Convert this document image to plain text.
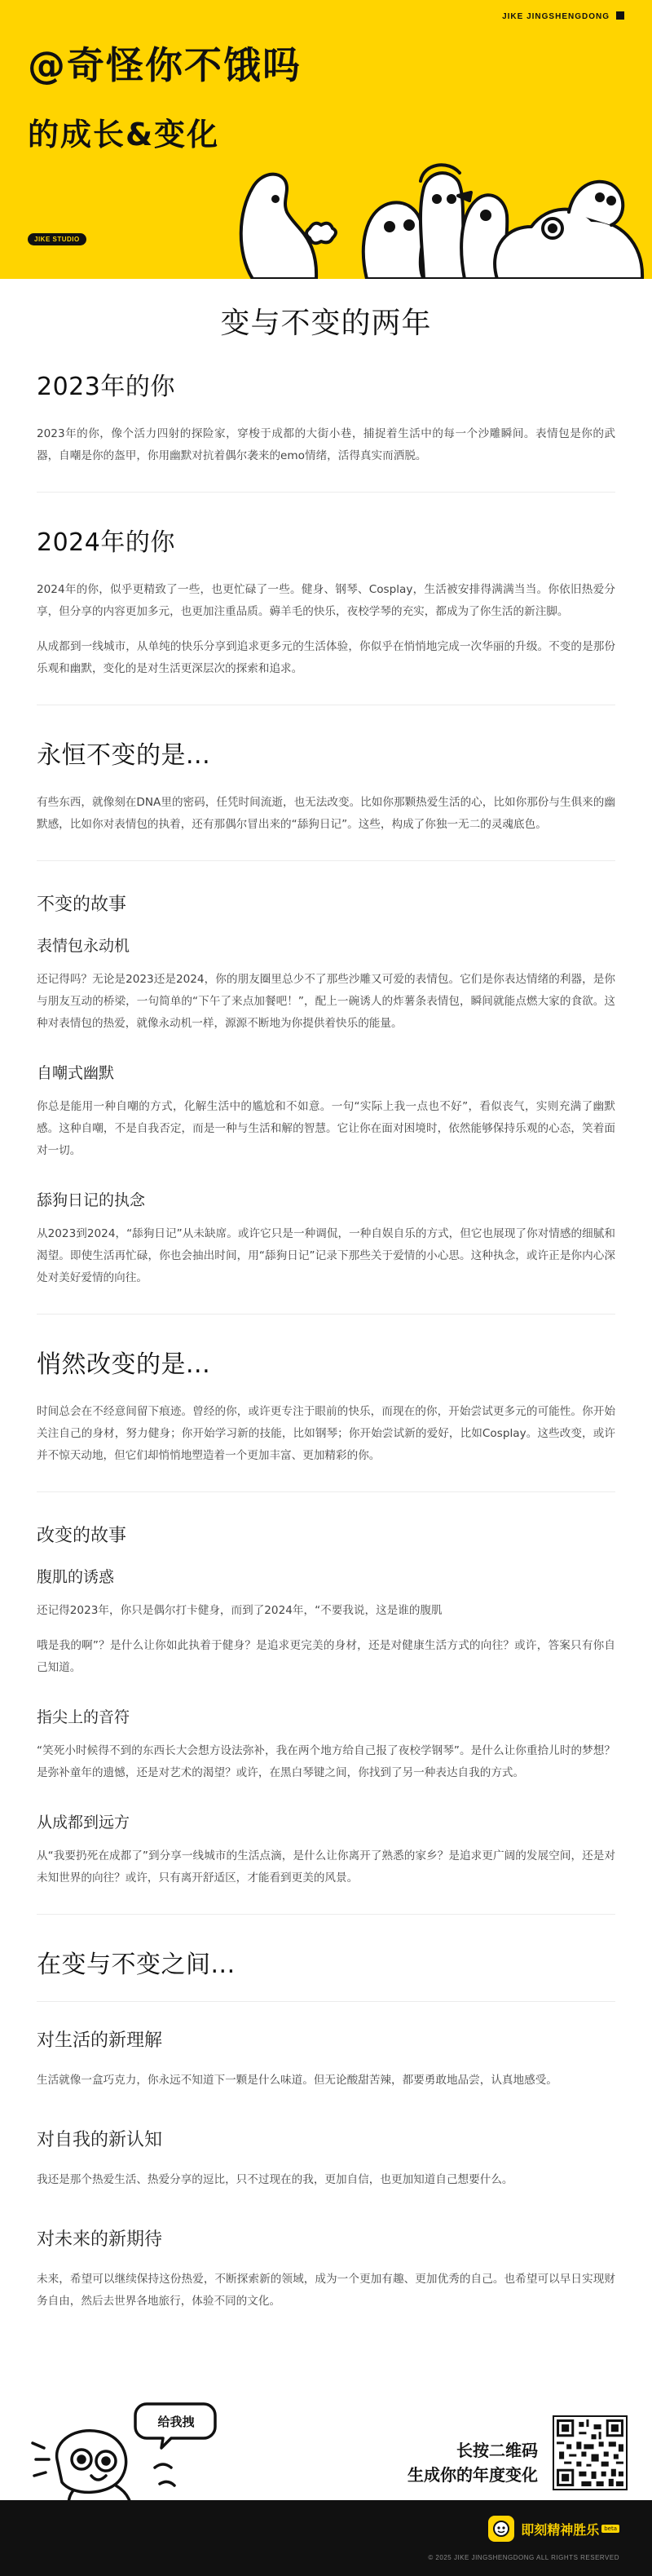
JIKE JINGSHENGDONG
@奇怪你不饿吗
的成长&变化
JIKE STUDIO
变与不变的两年
2023年的你

2023年的你，像个活力四射的探险家，穿梭于成都的大街小巷，捕捉着生活中的每一个沙雕瞬间。表情包是你的武器，自嘲是你的盔甲，你用幽默对抗着偶尔袭来的emo情绪，活得真实而洒脱。

2024年的你

2024年的你，似乎更精致了一些，也更忙碌了一些。健身、钢琴、Cosplay，生活被安排得满满当当。你依旧热爱分享，但分享的内容更加多元，也更加注重品质。薅羊毛的快乐，夜校学琴的充实，都成为了你生活的新注脚。

从成都到一线城市，从单纯的快乐分享到追求更多元的生活体验，你似乎在悄悄地完成一次华丽的升级。不变的是那份乐观和幽默，变化的是对生活更深层次的探索和追求。

永恒不变的是...

有些东西，就像刻在DNA里的密码，任凭时间流逝，也无法改变。比如你那颗热爱生活的心，比如你那份与生俱来的幽默感，比如你对表情包的执着，还有那偶尔冒出来的“舔狗日记”。这些，构成了你独一无二的灵魂底色。

不变的故事
表情包永动机

还记得吗？无论是2023还是2024，你的朋友圈里总少不了那些沙雕又可爱的表情包。它们是你表达情绪的利器，是你与朋友互动的桥梁，一句简单的“下午了来点加餐吧！”，配上一碗诱人的炸薯条表情包，瞬间就能点燃大家的食欲。这种对表情包的热爱，就像永动机一样，源源不断地为你提供着快乐的能量。

自嘲式幽默

你总是能用一种自嘲的方式，化解生活中的尴尬和不如意。一句“实际上我一点也不好”，看似丧气，实则充满了幽默感。这种自嘲，不是自我否定，而是一种与生活和解的智慧。它让你在面对困境时，依然能够保持乐观的心态，笑着面对一切。

舔狗日记的执念

从2023到2024，“舔狗日记”从未缺席。或许它只是一种调侃，一种自娱自乐的方式，但它也展现了你对情感的细腻和渴望。即使生活再忙碌，你也会抽出时间，用“舔狗日记”记录下那些关于爱情的小心思。这种执念，或许正是你内心深处对美好爱情的向往。

悄然改变的是...

时间总会在不经意间留下痕迹。曾经的你，或许更专注于眼前的快乐，而现在的你，开始尝试更多元的可能性。你开始关注自己的身材，努力健身；你开始学习新的技能，比如钢琴；你开始尝试新的爱好，比如Cosplay。这些改变，或许并不惊天动地，但它们却悄悄地塑造着一个更加丰富、更加精彩的你。

改变的故事
腹肌的诱惑

还记得2023年，你只是偶尔打卡健身，而到了2024年，“不要我说，这是谁的腹肌

哦是我的啊”？是什么让你如此执着于健身？是追求更完美的身材，还是对健康生活方式的向往？或许，答案只有你自己知道。

指尖上的音符

“笑死小时候得不到的东西长大会想方设法弥补，我在两个地方给自己报了夜校学钢琴”。是什么让你重拾儿时的梦想？是弥补童年的遗憾，还是对艺术的渴望？或许，在黑白琴键之间，你找到了另一种表达自我的方式。

从成都到远方

从“我要扔死在成都了”到分享一线城市的生活点滴，是什么让你离开了熟悉的家乡？是追求更广阔的发展空间，还是对未知世界的向往？或许，只有离开舒适区，才能看到更美的风景。

在变与不变之间...
对生活的新理解

生活就像一盒巧克力，你永远不知道下一颗是什么味道。但无论酸甜苦辣，都要勇敢地品尝，认真地感受。

对自我的新认知

我还是那个热爱生活、热爱分享的逗比，只不过现在的我，更加自信，也更加知道自己想要什么。

对未来的新期待

未来，希望可以继续保持这份热爱，不断探索新的领域，成为一个更加有趣、更加优秀的自己。也希望可以早日实现财务自由，然后去世界各地旅行，体验不同的文化。

给我拽
长按二维码
生成你的年度变化
即刻精神胜乐 beta
© 2025 JIKE JINGSHENGDONG ALL RIGHTS RESERVED
